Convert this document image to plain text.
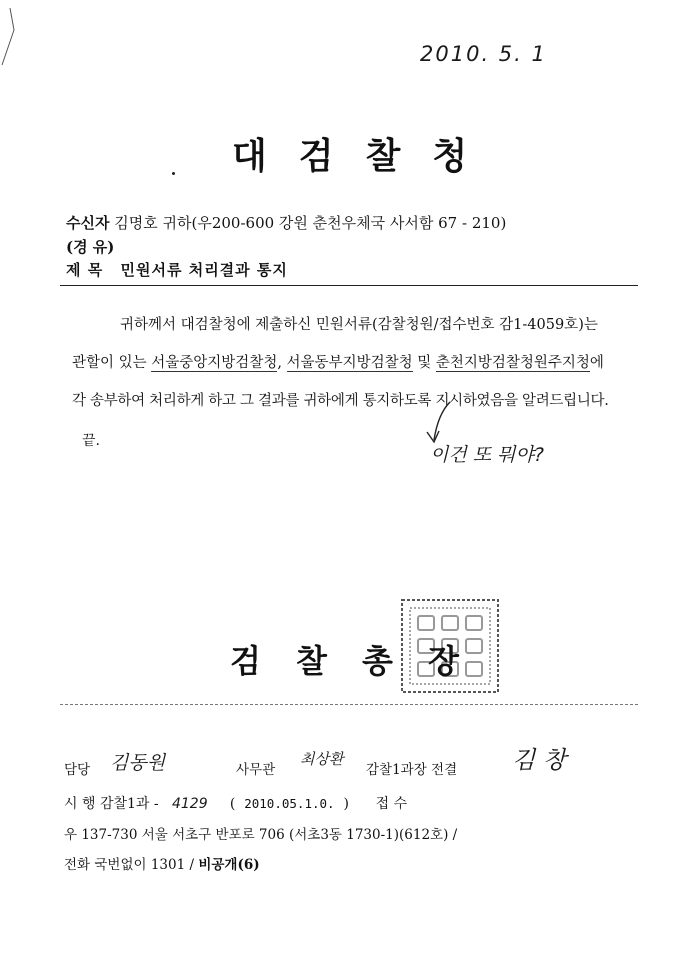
2010. 5. 1
대검찰청
수신자 김명호 귀하(우200-600 강원 춘천우체국 사서함 67 - 210)
(경 유)
제 목 민원서류 처리결과 통지

귀하께서 대검찰청에 제출하신 민원서류(감찰청원/접수번호 감1-4059호)는

관할이 있는 서울중앙지방검찰청, 서울동부지방검찰청 및 춘천지방검찰청원주지청에

각 송부하여 처리하게 하고 그 결과를 귀하에게 통지하도록 지시하였음을 알려드립니다.

끝.
이건 또 뭐야?
검 찰 총 장
담당 김동원	사무관
최상환
감찰1과장 전결 김 창
시 행 감찰1과 - 4129     (  2010.05.1.0.  )      접 수
우 137-730 서울 서초구 반포로 706 (서초3동 1730-1)(612호) /
전화 국번없이 1301 / 비공개(6)
